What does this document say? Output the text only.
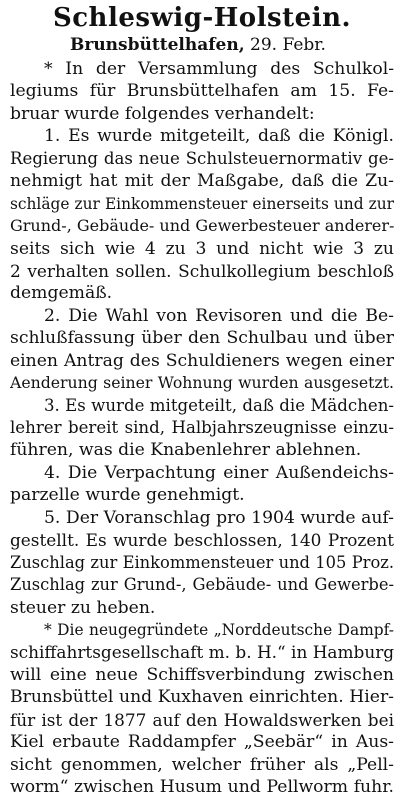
Schleswig-Holstein.
Brunsbüttelhafen, 29. Febr.
* In der Versammlung des Schulkol-
legiums für Brunsbüttelhafen am 15. Fe-
bruar wurde folgendes verhandelt:
1. Es wurde mitgeteilt, daß die Königl.
Regierung das neue Schulsteuernormativ ge-
nehmigt hat mit der Maßgabe, daß die Zu-
schläge zur Einkommensteuer einerseits und zur
Grund-, Gebäude- und Gewerbesteuer anderer-
seits sich wie 4 zu 3 und nicht wie 3 zu
2 verhalten sollen. Schulkollegium beschloß
demgemäß.
2. Die Wahl von Revisoren und die Be-
schlußfassung über den Schulbau und über
einen Antrag des Schuldieners wegen einer
Aenderung seiner Wohnung wurden ausgesetzt.
3. Es wurde mitgeteilt, daß die Mädchen-
lehrer bereit sind, Halbjahrszeugnisse einzu-
führen, was die Knabenlehrer ablehnen.
4. Die Verpachtung einer Außendeichs-
parzelle wurde genehmigt.
5. Der Voranschlag pro 1904 wurde auf-
gestellt. Es wurde beschlossen, 140 Prozent
Zuschlag zur Einkommensteuer und 105 Proz.
Zuschlag zur Grund-, Gebäude- und Gewerbe-
steuer zu heben.
* Die neugegründete „Norddeutsche Dampf-
schiffahrtsgesellschaft m. b. H.“ in Hamburg
will eine neue Schiffsverbindung zwischen
Brunsbüttel und Kuxhaven einrichten. Hier-
für ist der 1877 auf den Howaldswerken bei
Kiel erbaute Raddampfer „Seebär“ in Aus-
sicht genommen, welcher früher als „Pell-
worm“ zwischen Husum und Pellworm fuhr.
